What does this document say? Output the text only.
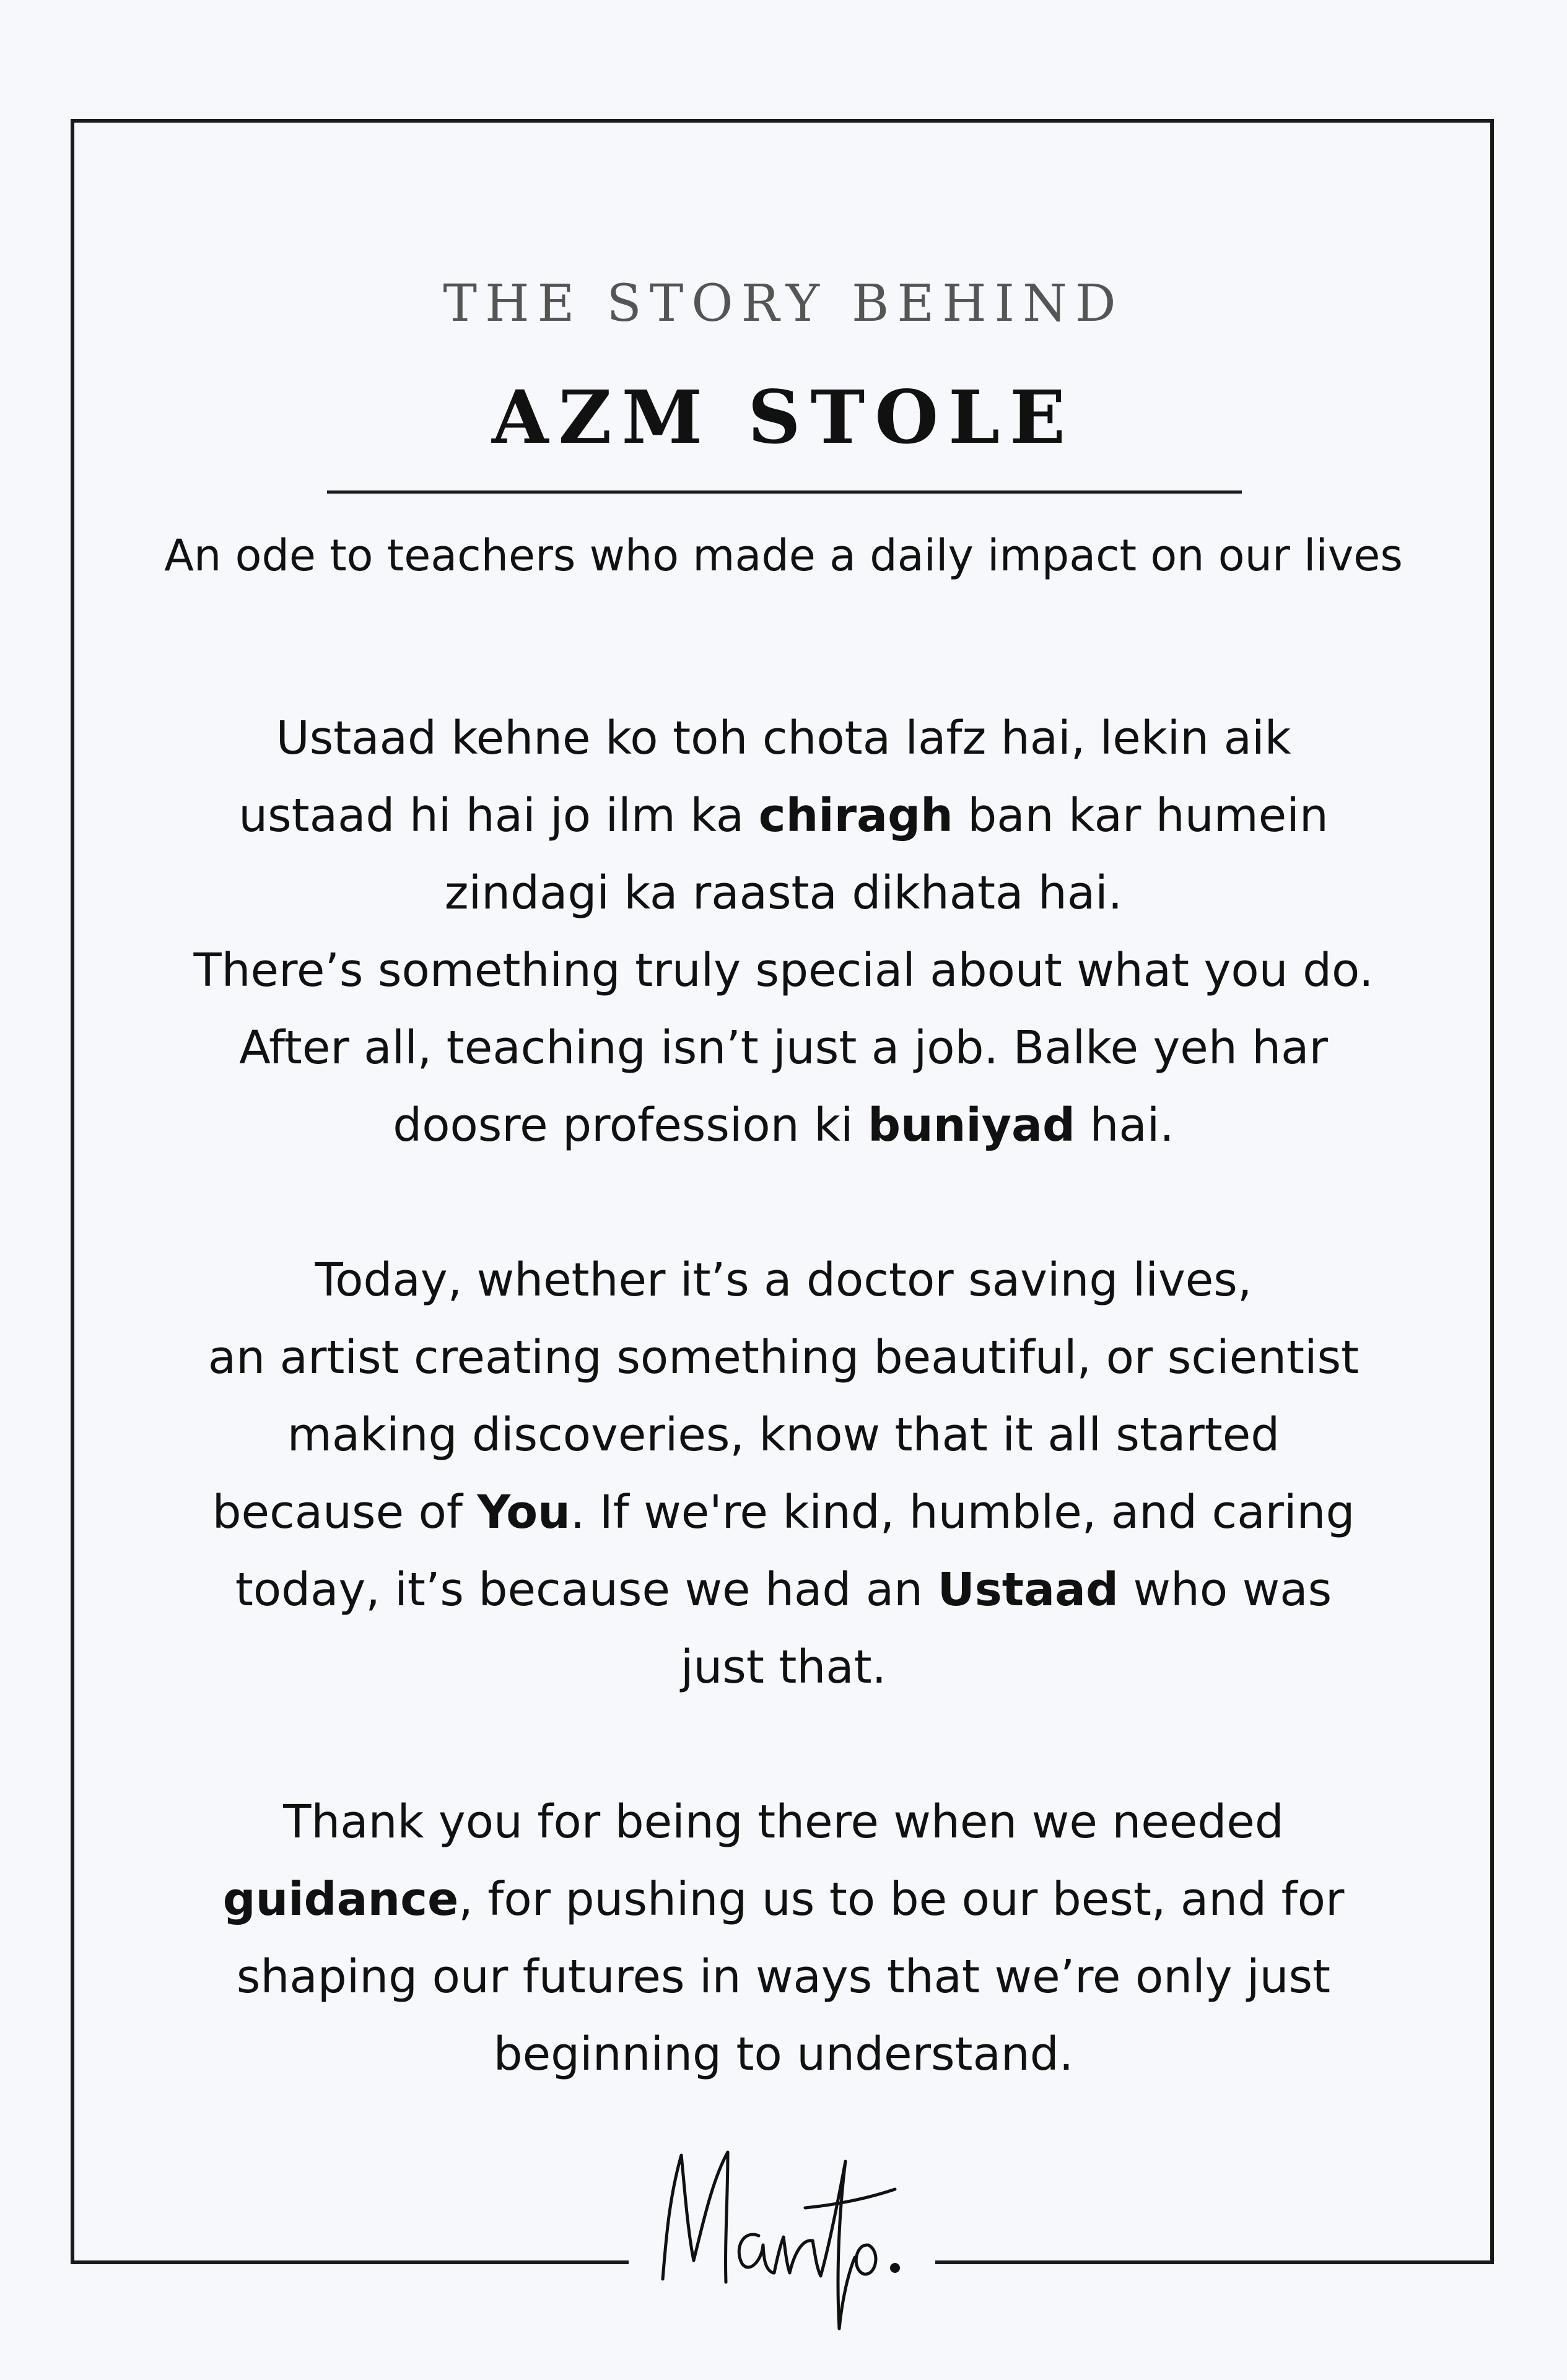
THE STORY BEHIND
AZM STOLE
An ode to teachers who made a daily impact on our lives

Ustaad kehne ko toh chota lafz hai, lekin aik
ustaad hi hai jo ilm ka chiragh ban kar humein
zindagi ka raasta dikhata hai.
There’s something truly special about what you do.
After all, teaching isn’t just a job. Balke yeh har
doosre profession ki buniyad hai.

Today, whether it’s a doctor saving lives,
an artist creating something beautiful, or scientist
making discoveries, know that it all started
because of You. If we're kind, humble, and caring
today, it’s because we had an Ustaad who was
just that.

Thank you for being there when we needed
guidance, for pushing us to be our best, and for
shaping our futures in ways that we’re only just
beginning to understand.

Manto.
